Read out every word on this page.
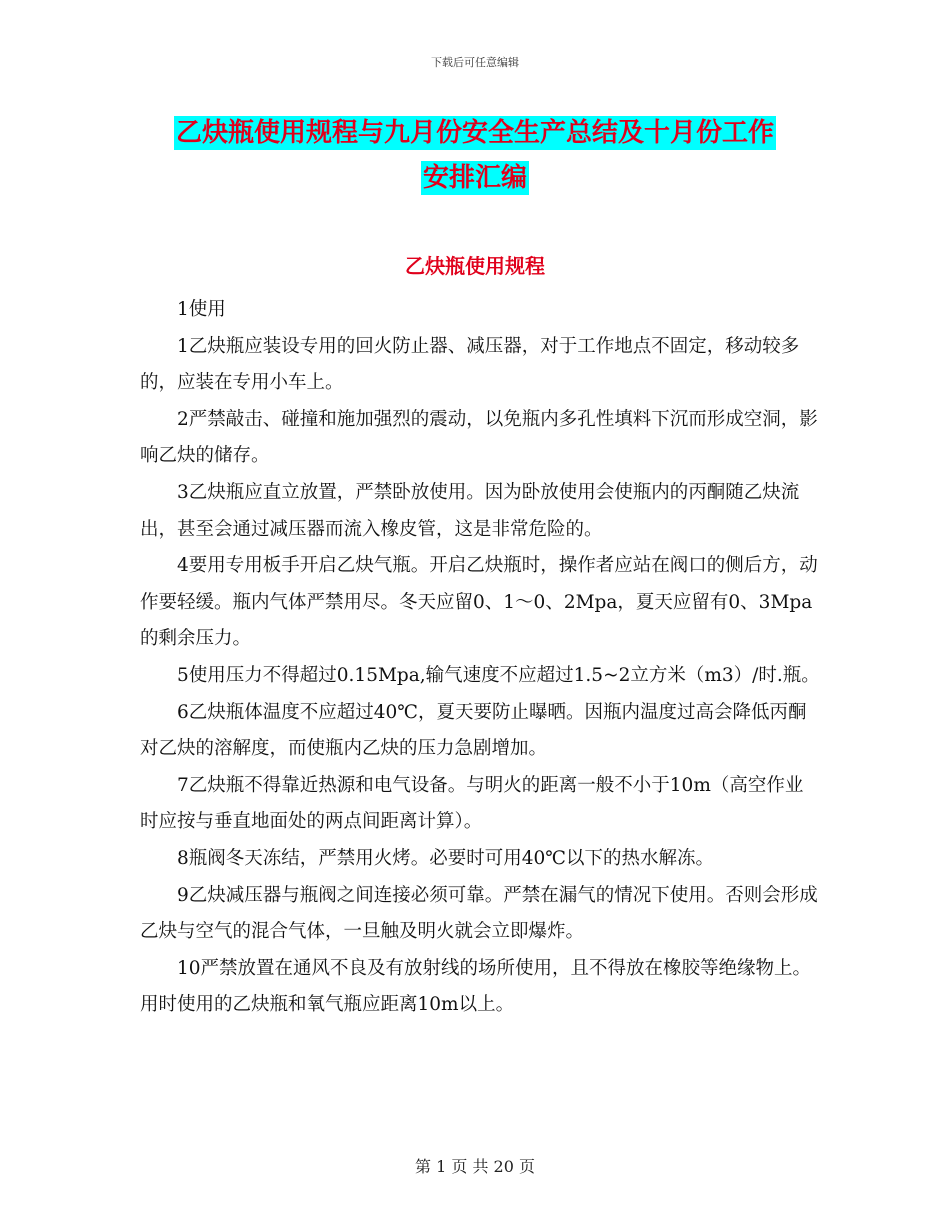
下载后可任意编辑
乙炔瓶使用规程与九月份安全生产总结及十月份工作
安排汇编
乙炔瓶使用规程

1使用

1乙炔瓶应装设专用的回火防止器、减压器，对于工作地点不固定，移动较多的，应装在专用小车上。

2严禁敲击、碰撞和施加强烈的震动，以免瓶内多孔性填料下沉而形成空洞，影响乙炔的储存。

3乙炔瓶应直立放置，严禁卧放使用。因为卧放使用会使瓶内的丙酮随乙炔流出，甚至会通过减压器而流入橡皮管，这是非常危险的。

4要用专用板手开启乙炔气瓶。开启乙炔瓶时，操作者应站在阀口的侧后方，动作要轻缓。瓶内气体严禁用尽。冬天应留0、1～0、2Mpa，夏天应留有0、3Mpa的剩余压力。

5使用压力不得超过0.15Mpa,输气速度不应超过1.5~2立方米（m3）/时.瓶。

6乙炔瓶体温度不应超过40℃，夏天要防止曝晒。因瓶内温度过高会降低丙酮对乙炔的溶解度，而使瓶内乙炔的压力急剧增加。

7乙炔瓶不得靠近热源和电气设备。与明火的距离一般不小于10m（高空作业时应按与垂直地面处的两点间距离计算）。

8瓶阀冬天冻结，严禁用火烤。必要时可用40℃以下的热水解冻。

9乙炔减压器与瓶阀之间连接必须可靠。严禁在漏气的情况下使用。否则会形成乙炔与空气的混合气体，一旦触及明火就会立即爆炸。

10严禁放置在通风不良及有放射线的场所使用，且不得放在橡胶等绝缘物上。用时使用的乙炔瓶和氧气瓶应距离10m以上。

第 1 页 共 20 页
